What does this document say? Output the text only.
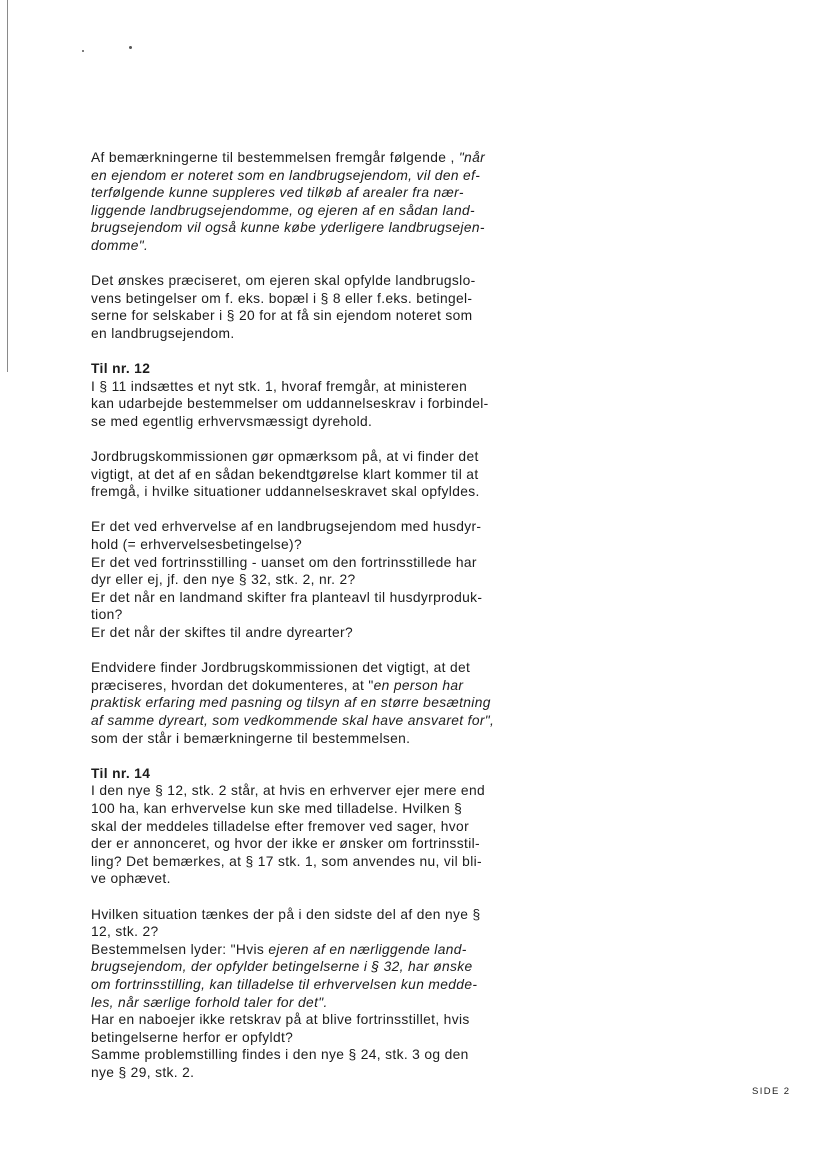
Af bemærkningerne til bestemmelsen fremgår følgende , "når
en ejendom er noteret som en landbrugsejendom, vil den ef-
terfølgende kunne suppleres ved tilkøb af arealer fra nær-
liggende landbrugsejendomme, og ejeren af en sådan land-
brugsejendom vil også kunne købe yderligere landbrugsejen-
domme".
Det ønskes præciseret, om ejeren skal opfylde landbrugslo-
vens betingelser om f. eks. bopæl i § 8 eller f.eks. betingel-
serne for selskaber i § 20 for at få sin ejendom noteret som
en landbrugsejendom.
Til nr. 12
I § 11 indsættes et nyt stk. 1, hvoraf fremgår, at ministeren
kan udarbejde bestemmelser om uddannelseskrav i forbindel-
se med egentlig erhvervsmæssigt dyrehold.
Jordbrugskommissionen gør opmærksom på, at vi finder det
vigtigt, at det af en sådan bekendtgørelse klart kommer til at
fremgå, i hvilke situationer uddannelseskravet skal opfyldes.
Er det ved erhvervelse af en landbrugsejendom med husdyr-
hold (= erhvervelsesbetingelse)?
Er det ved fortrinsstilling - uanset om den fortrinsstillede har
dyr eller ej, jf. den nye § 32, stk. 2, nr. 2?
Er det når en landmand skifter fra planteavl til husdyrproduk-
tion?
Er det når der skiftes til andre dyrearter?
Endvidere finder Jordbrugskommissionen det vigtigt, at det
præciseres, hvordan det dokumenteres, at "en person har
praktisk erfaring med pasning og tilsyn af en større besætning
af samme dyreart, som vedkommende skal have ansvaret for",
som der står i bemærkningerne til bestemmelsen.
Til nr. 14
I den nye § 12, stk. 2 står, at hvis en erhverver ejer mere end
100 ha, kan erhvervelse kun ske med tilladelse. Hvilken §
skal der meddeles tilladelse efter fremover ved sager, hvor
der er annonceret, og hvor der ikke er ønsker om fortrinsstil-
ling? Det bemærkes, at § 17 stk. 1, som anvendes nu, vil bli-
ve ophævet.
Hvilken situation tænkes der på i den sidste del af den nye §
12, stk. 2?
Bestemmelsen lyder: "Hvis ejeren af en nærliggende land-
brugsejendom, der opfylder betingelserne i § 32, har ønske
om fortrinsstilling, kan tilladelse til erhvervelsen kun medde-
les, når særlige forhold taler for det".
Har en naboejer ikke retskrav på at blive fortrinsstillet, hvis
betingelserne herfor er opfyldt?
Samme problemstilling findes i den nye § 24, stk. 3 og den
nye § 29, stk. 2.
SIDE 2
